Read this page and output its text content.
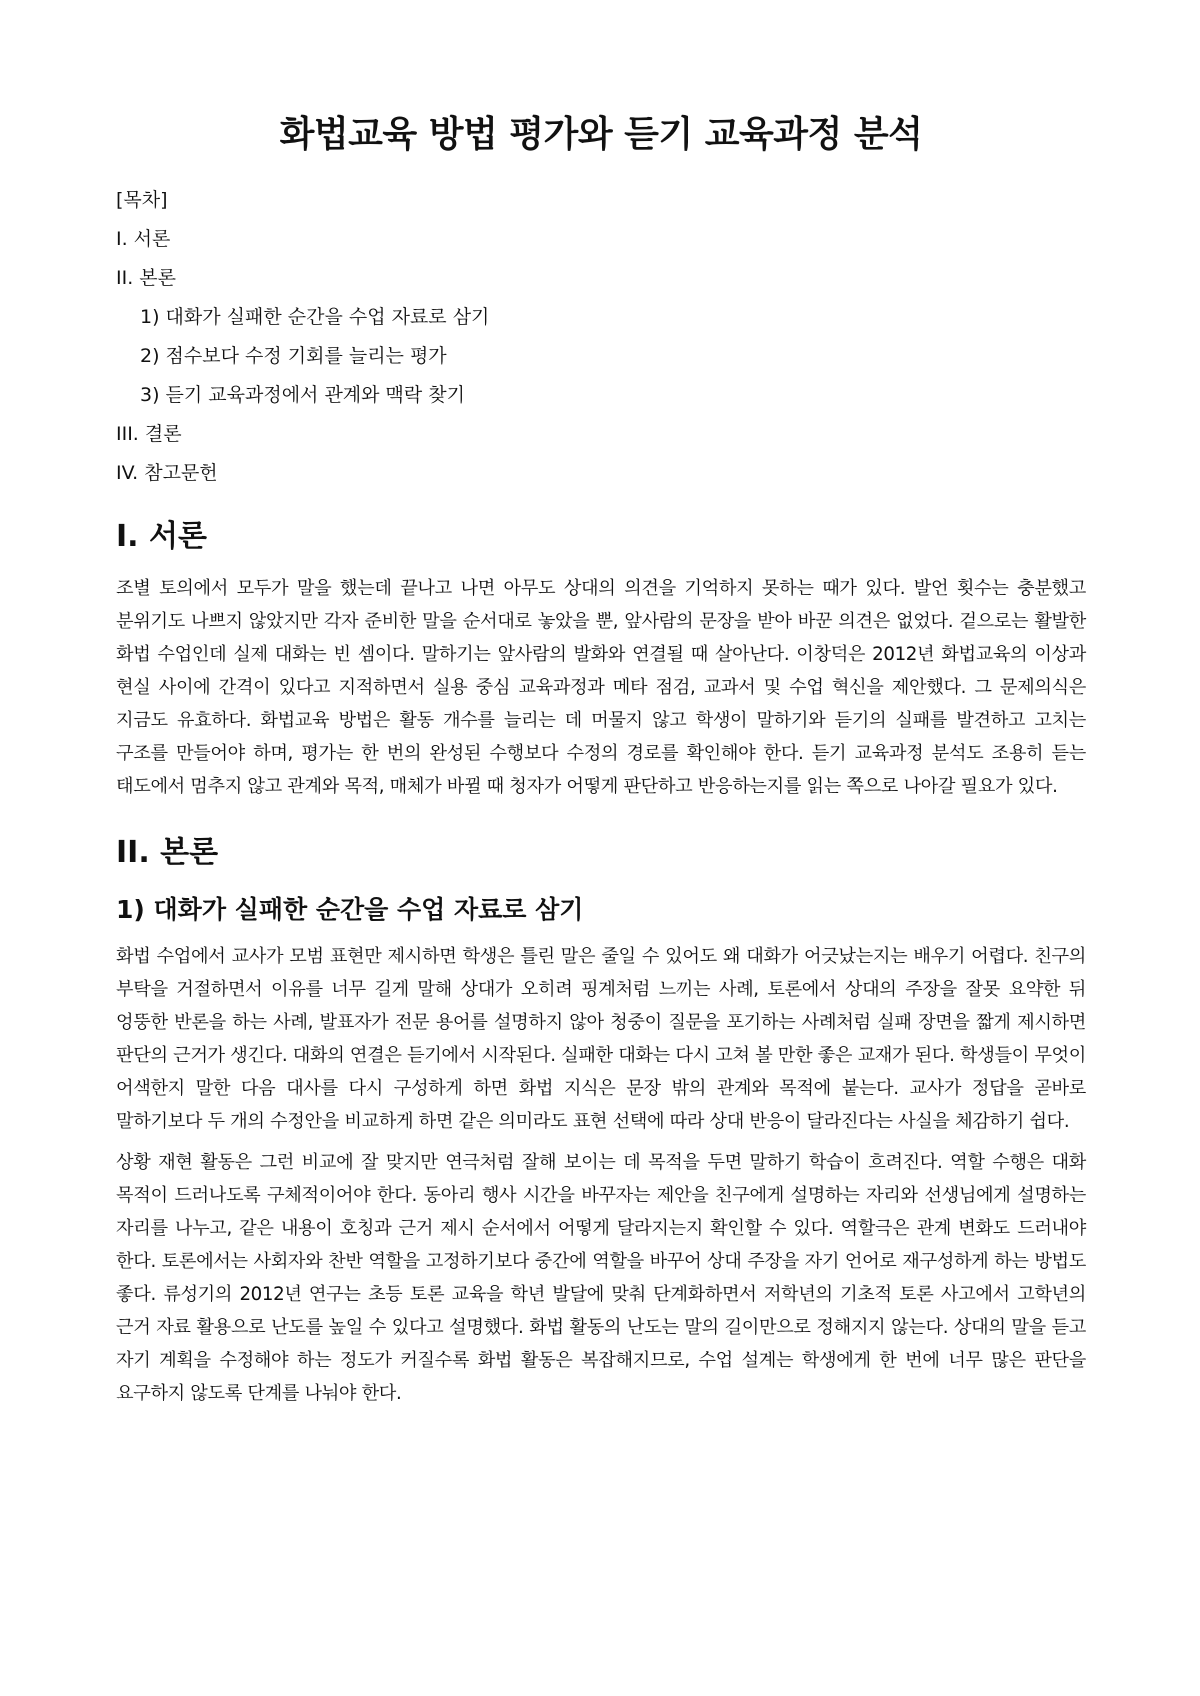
화법교육 방법 평가와 듣기 교육과정 분석

[목차]

I. 서론

II. 본론

1) 대화가 실패한 순간을 수업 자료로 삼기

2) 점수보다 수정 기회를 늘리는 평가

3) 듣기 교육과정에서 관계와 맥락 찾기

III. 결론

IV. 참고문헌

I. 서론

조별 토의에서 모두가 말을 했는데 끝나고 나면 아무도 상대의 의견을 기억하지 못하는 때가 있다. 발언 횟수는 충분했고 분위기도 나쁘지 않았지만 각자 준비한 말을 순서대로 놓았을 뿐, 앞사람의 문장을 받아 바꾼 의견은 없었다. 겉으로는 활발한 화법 수업인데 실제 대화는 빈 셈이다. 말하기는 앞사람의 발화와 연결될 때 살아난다. 이창덕은 2012년 화법교육의 이상과 현실 사이에 간격이 있다고 지적하면서 실용 중심 교육과정과 메타 점검, 교과서 및 수업 혁신을 제안했다. 그 문제의식은 지금도 유효하다. 화법교육 방법은 활동 개수를 늘리는 데 머물지 않고 학생이 말하기와 듣기의 실패를 발견하고 고치는 구조를 만들어야 하며, 평가는 한 번의 완성된 수행보다 수정의 경로를 확인해야 한다. 듣기 교육과정 분석도 조용히 듣는 태도에서 멈추지 않고 관계와 목적, 매체가 바뀔 때 청자가 어떻게 판단하고 반응하는지를 읽는 쪽으로 나아갈 필요가 있다.

II. 본론
1) 대화가 실패한 순간을 수업 자료로 삼기

화법 수업에서 교사가 모범 표현만 제시하면 학생은 틀린 말은 줄일 수 있어도 왜 대화가 어긋났는지는 배우기 어렵다. 친구의 부탁을 거절하면서 이유를 너무 길게 말해 상대가 오히려 핑계처럼 느끼는 사례, 토론에서 상대의 주장을 잘못 요약한 뒤 엉뚱한 반론을 하는 사례, 발표자가 전문 용어를 설명하지 않아 청중이 질문을 포기하는 사례처럼 실패 장면을 짧게 제시하면 판단의 근거가 생긴다. 대화의 연결은 듣기에서 시작된다. 실패한 대화는 다시 고쳐 볼 만한 좋은 교재가 된다. 학생들이 무엇이 어색한지 말한 다음 대사를 다시 구성하게 하면 화법 지식은 문장 밖의 관계와 목적에 붙는다. 교사가 정답을 곧바로 말하기보다 두 개의 수정안을 비교하게 하면 같은 의미라도 표현 선택에 따라 상대 반응이 달라진다는 사실을 체감하기 쉽다.

상황 재현 활동은 그런 비교에 잘 맞지만 연극처럼 잘해 보이는 데 목적을 두면 말하기 학습이 흐려진다. 역할 수행은 대화 목적이 드러나도록 구체적이어야 한다. 동아리 행사 시간을 바꾸자는 제안을 친구에게 설명하는 자리와 선생님에게 설명하는 자리를 나누고, 같은 내용이 호칭과 근거 제시 순서에서 어떻게 달라지는지 확인할 수 있다. 역할극은 관계 변화도 드러내야 한다. 토론에서는 사회자와 찬반 역할을 고정하기보다 중간에 역할을 바꾸어 상대 주장을 자기 언어로 재구성하게 하는 방법도 좋다. 류성기의 2012년 연구는 초등 토론 교육을 학년 발달에 맞춰 단계화하면서 저학년의 기초적 토론 사고에서 고학년의 근거 자료 활용으로 난도를 높일 수 있다고 설명했다. 화법 활동의 난도는 말의 길이만으로 정해지지 않는다. 상대의 말을 듣고 자기 계획을 수정해야 하는 정도가 커질수록 화법 활동은 복잡해지므로, 수업 설계는 학생에게 한 번에 너무 많은 판단을 요구하지 않도록 단계를 나눠야 한다.
